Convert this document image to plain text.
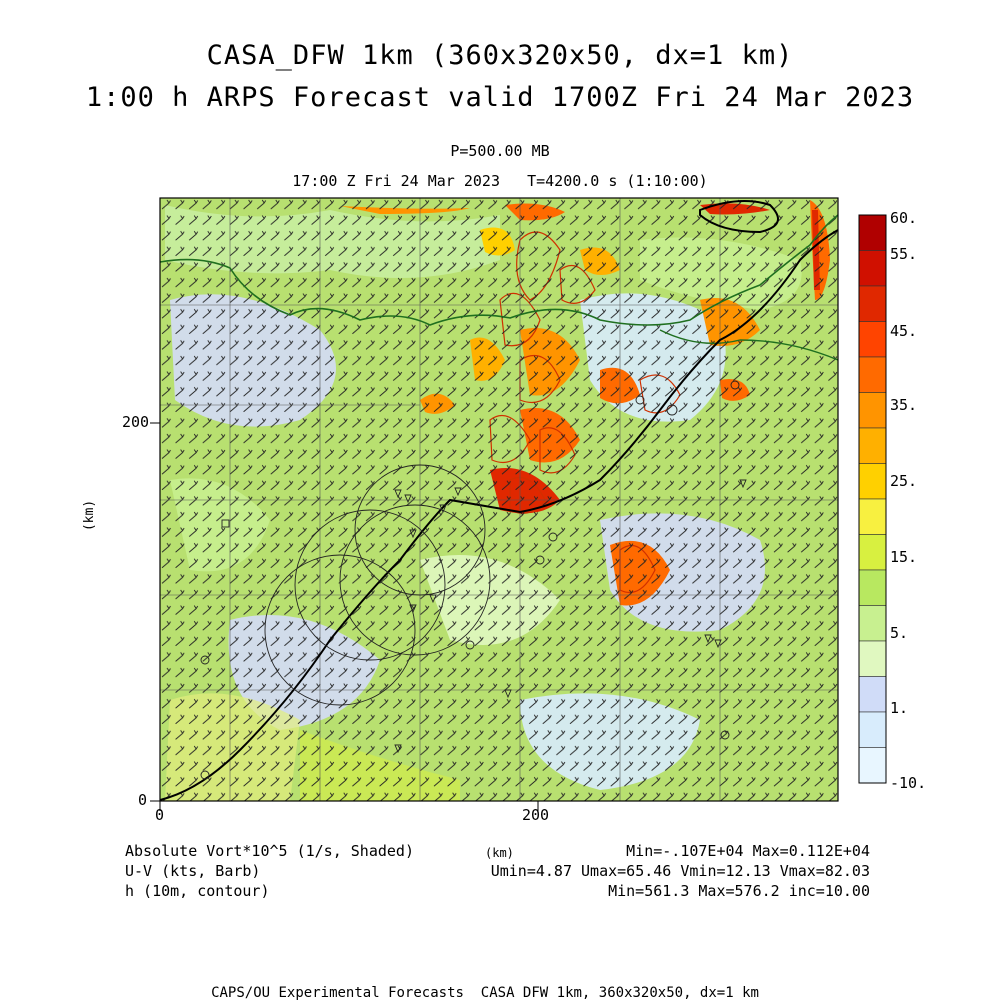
CASA_DFW 1km (360x320x50, dx=1 km)
1:00 h ARPS Forecast valid 1700Z Fri 24 Mar 2023
P=500.00 MB
17:00 Z Fri 24 Mar 2023   T=4200.0 s (1:10:00)
200
0
0	200
(km)
60.
55.
45.
35.
25.
15.
5.
1.
-10.
Absolute Vort*10^5 (1/s, Shaded)
U-V (kts, Barb)
h (10m, contour)
(km)	Min=-.107E+04 Max=0.112E+04
Umin=4.87 Umax=65.46 Vmin=12.13 Vmax=82.03
Min=561.3 Max=576.2 inc=10.00
CAPS/OU Experimental Forecasts  CASA DFW 1km, 360x320x50, dx=1 km
